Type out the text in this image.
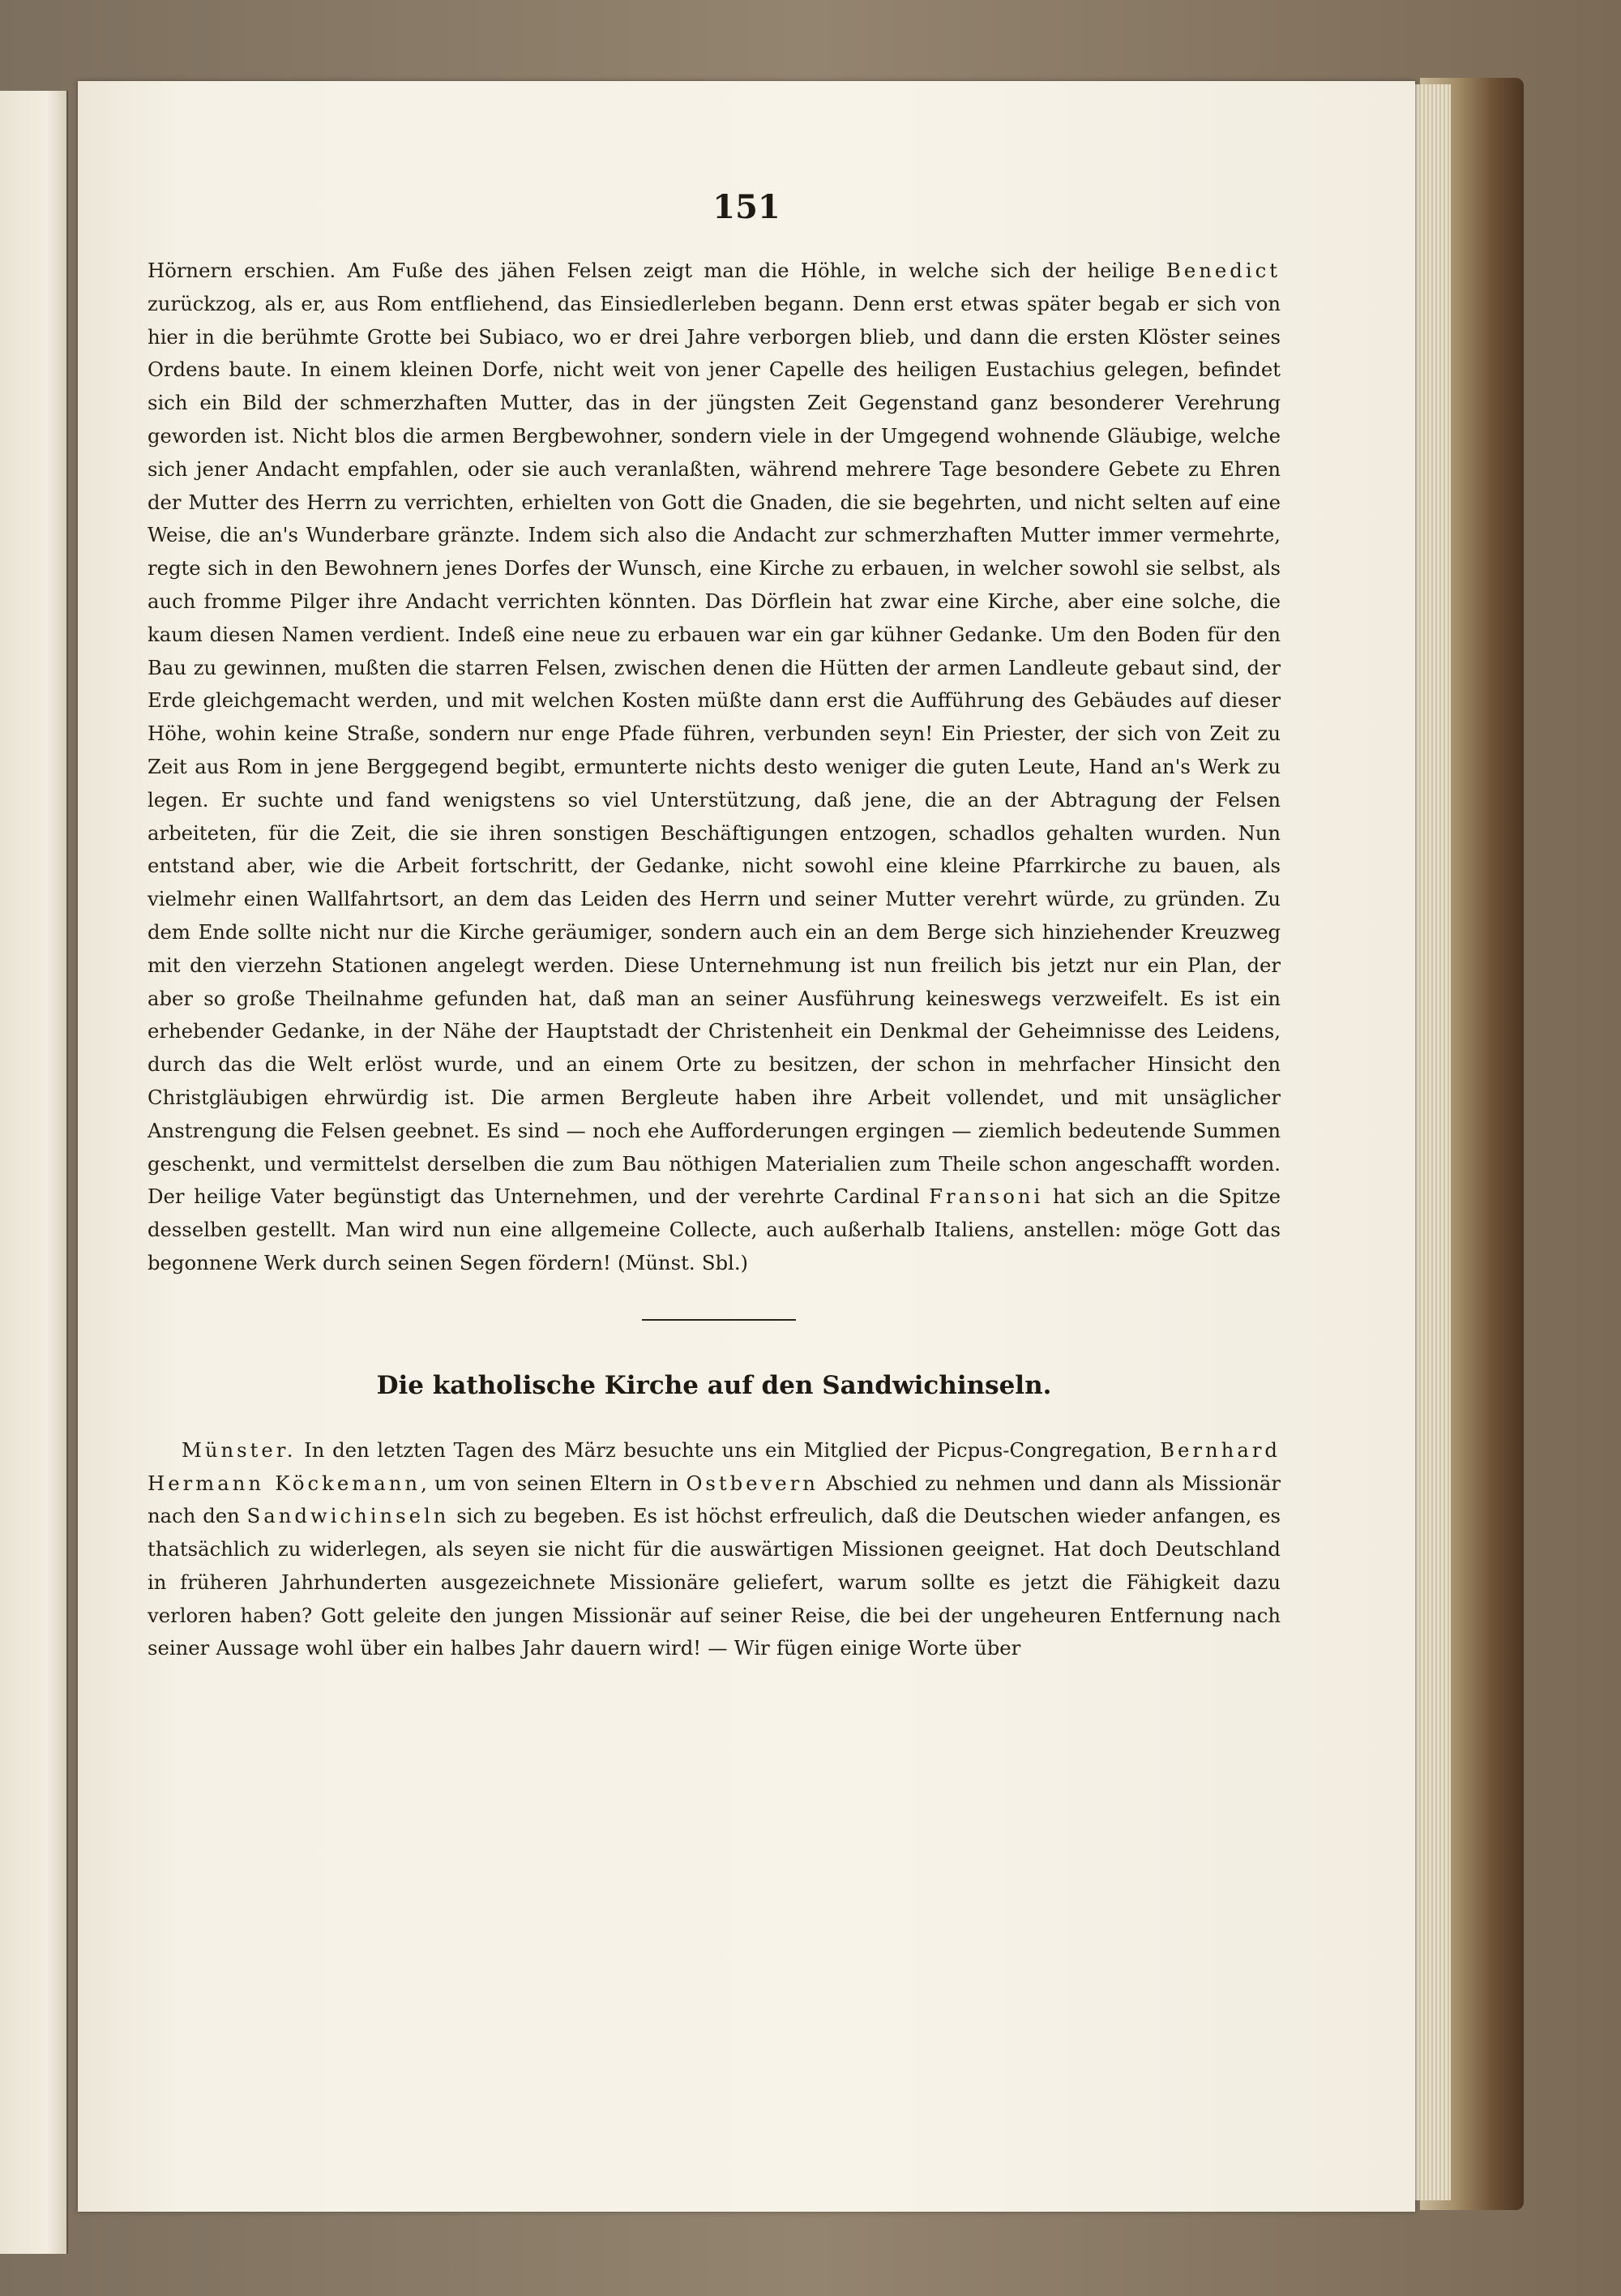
151

Hörnern erschien. Am Fuße des jähen Felsen zeigt man die Höhle, in welche sich der heilige Benedict zurückzog, als er, aus Rom entfliehend, das Einsiedlerleben begann. Denn erst etwas später begab er sich von hier in die berühmte Grotte bei Subiaco, wo er drei Jahre verborgen blieb, und dann die ersten Klöster seines Ordens baute. In einem kleinen Dorfe, nicht weit von jener Capelle des heiligen Eustachius gelegen, befindet sich ein Bild der schmerzhaften Mutter, das in der jüngsten Zeit Gegenstand ganz besonderer Verehrung geworden ist. Nicht blos die armen Bergbewohner, sondern viele in der Umgegend wohnende Gläubige, welche sich jener Andacht empfahlen, oder sie auch veranlaßten, während mehrere Tage besondere Gebete zu Ehren der Mutter des Herrn zu verrichten, erhielten von Gott die Gnaden, die sie begehrten, und nicht selten auf eine Weise, die an's Wunderbare gränzte. Indem sich also die Andacht zur schmerzhaften Mutter immer vermehrte, regte sich in den Bewohnern jenes Dorfes der Wunsch, eine Kirche zu erbauen, in welcher sowohl sie selbst, als auch fromme Pilger ihre Andacht verrichten könnten. Das Dörflein hat zwar eine Kirche, aber eine solche, die kaum diesen Namen verdient. Indeß eine neue zu erbauen war ein gar kühner Gedanke. Um den Boden für den Bau zu gewinnen, mußten die starren Felsen, zwischen denen die Hütten der armen Landleute gebaut sind, der Erde gleichgemacht werden, und mit welchen Kosten müßte dann erst die Aufführung des Gebäudes auf dieser Höhe, wohin keine Straße, sondern nur enge Pfade führen, verbunden seyn! Ein Priester, der sich von Zeit zu Zeit aus Rom in jene Berggegend begibt, ermunterte nichts desto weniger die guten Leute, Hand an's Werk zu legen. Er suchte und fand wenigstens so viel Unterstützung, daß jene, die an der Abtragung der Felsen arbeiteten, für die Zeit, die sie ihren sonstigen Beschäftigungen entzogen, schadlos gehalten wurden. Nun entstand aber, wie die Arbeit fortschritt, der Gedanke, nicht sowohl eine kleine Pfarrkirche zu bauen, als vielmehr einen Wallfahrtsort, an dem das Leiden des Herrn und seiner Mutter verehrt würde, zu gründen. Zu dem Ende sollte nicht nur die Kirche geräumiger, sondern auch ein an dem Berge sich hinziehender Kreuzweg mit den vierzehn Stationen angelegt werden. Diese Unternehmung ist nun freilich bis jetzt nur ein Plan, der aber so große Theilnahme gefunden hat, daß man an seiner Ausführung keineswegs verzweifelt. Es ist ein erhebender Gedanke, in der Nähe der Hauptstadt der Christenheit ein Denkmal der Geheimnisse des Leidens, durch das die Welt erlöst wurde, und an einem Orte zu besitzen, der schon in mehrfacher Hinsicht den Christgläubigen ehrwürdig ist. Die armen Bergleute haben ihre Arbeit vollendet, und mit unsäglicher Anstrengung die Felsen geebnet. Es sind — noch ehe Aufforderungen ergingen — ziemlich bedeutende Summen geschenkt, und vermittelst derselben die zum Bau nöthigen Materialien zum Theile schon angeschafft worden. Der heilige Vater begünstigt das Unternehmen, und der verehrte Cardinal Fransoni hat sich an die Spitze desselben gestellt. Man wird nun eine allgemeine Collecte, auch außerhalb Italiens, anstellen: möge Gott das begonnene Werk durch seinen Segen fördern! (Münst. Sbl.)

Die katholische Kirche auf den Sandwichinseln.

Münster. In den letzten Tagen des März besuchte uns ein Mitglied der Picpus-Congregation, Bernhard Hermann Köckemann, um von seinen Eltern in Ostbevern Abschied zu nehmen und dann als Missionär nach den Sandwichinseln sich zu begeben. Es ist höchst erfreulich, daß die Deutschen wieder anfangen, es thatsächlich zu widerlegen, als seyen sie nicht für die auswärtigen Missionen geeignet. Hat doch Deutschland in früheren Jahrhunderten ausgezeichnete Missionäre geliefert, warum sollte es jetzt die Fähigkeit dazu verloren haben? Gott geleite den jungen Missionär auf seiner Reise, die bei der ungeheuren Entfernung nach seiner Aussage wohl über ein halbes Jahr dauern wird! — Wir fügen einige Worte über
